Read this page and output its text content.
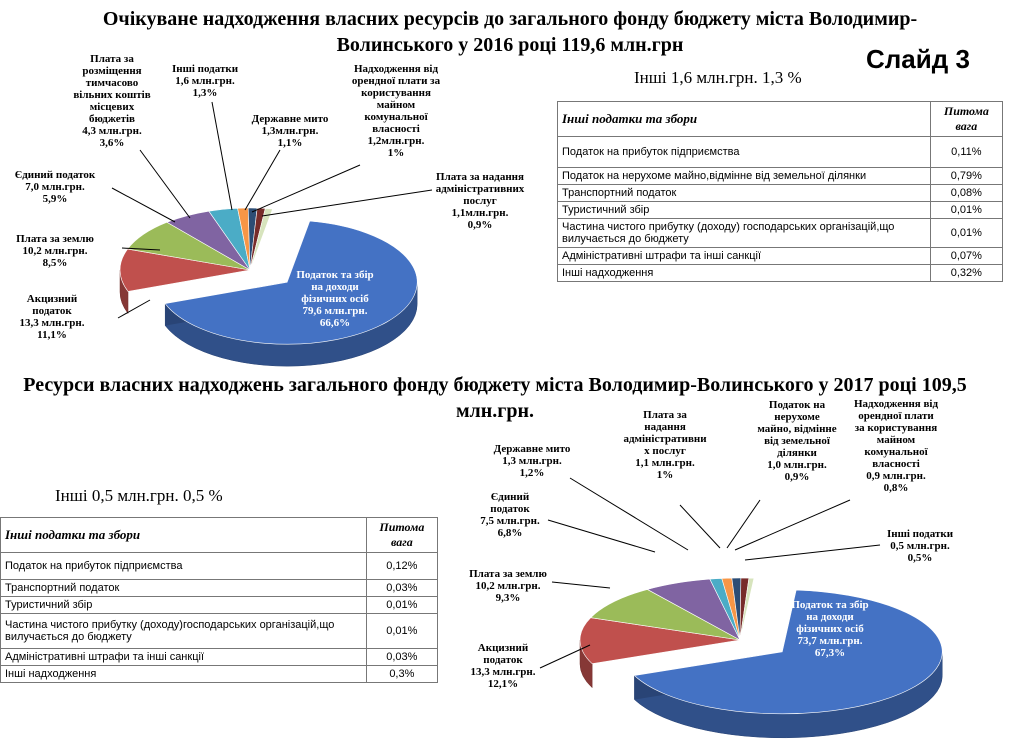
Очікуване надходження власних ресурсів до загального фонду бюджету міста Володимир-Волинського у 2016 році 119,6 млн.грн	Слайд 3
Інші 1,6 млн.грн. 1,3 %
Інші податки та збори	Питома вага
Податок на прибуток підприємства	0,11%
Податок на нерухоме майно,відмінне від земельної ділянки	0,79%
Транспортний податок	0,08%
Туристичний збір	0,01%
Частина чистого прибутку (доходу) господарських організацій,що вилучається до бюджету	0,01%
Адміністративні штрафи та інші санкції	0,07%
Інші надходження	0,32%
Ресурси власних надходжень загального фонду бюджету міста Володимир-Волинського у 2017 році 109,5 млн.грн.
Інші 0,5 млн.грн. 0,5 %
Інші податки та збори	Питома вага
Податок на прибуток підприємства	0,12%
Транспортний податок	0,03%
Туристичний збір	0,01%
Частина чистого прибутку (доходу)господарських організацій,що вилучається до бюджету	0,01%
Адміністративні штрафи та інші санкції	0,03%
Інші надходження	0,3%
Податок та збір на доходи фізичних осіб 79,6 млн.грн. 66,6%
Акцизний податок 13,3 млн.грн. 11,1%
Плата за землю 10,2 млн.грн. 8,5%
Єдиний податок 7,0 млн.грн. 5,9%
Плата за розміщення тимчасово вільних коштів місцевих бюджетів 4,3 млн.грн. 3,6%
Інші податки 1,6 млн.грн. 1,3%
Державне мито 1,3млн.грн. 1,1%
Надходження від орендної плати за користування майном комунальної власності 1,2млн.грн. 1%
Плата за надання адміністративних послуг 1,1млн.грн. 0,9%
Податок та збір на доходи фізичних осіб 73,7 млн.грн. 67,3%
Акцизний податок 13,3 млн.грн. 12,1%
Плата за землю 10,2 млн.грн. 9,3%
Єдиний податок 7,5 млн.грн. 6,8%
Державне мито 1,3 млн.грн. 1,2%
Плата за надання адміністративни х послуг 1,1 млн.грн. 1%
Податок на нерухоме майно, відмінне від земельної ділянки 1,0 млн.грн. 0,9%
Надходження від орендної плати за користування майном комунальної власності 0,9 млн.грн. 0,8%
Інші податки 0,5 млн.грн. 0,5%
